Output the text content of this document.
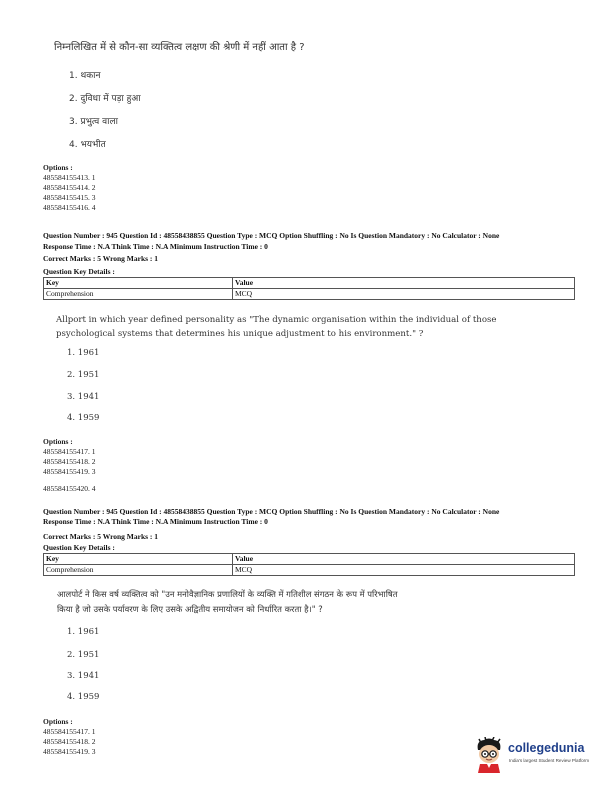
निम्नलिखित में से कौन-सा व्यक्तित्व लक्षण की श्रेणी में नहीं आता है ?
1. थकान
2. दुविधा में पड़ा हुआ
3. प्रभुत्व वाला
4. भयभीत
Options :
485584155413. 1
485584155414. 2
485584155415. 3
485584155416. 4
Question Number : 945 Question Id : 48558438855 Question Type : MCQ Option Shuffling : No Is Question Mandatory : No Calculator : None
Response Time : N.A Think Time : N.A Minimum Instruction Time : 0
Correct Marks : 5 Wrong Marks : 1
Question Key Details :
Key	Value
Comprehension	MCQ
Allport in which year defined personality as "The dynamic organisation within the individual of those
psychological systems that determines his unique adjustment to his environment." ?
1. 1961
2. 1951
3. 1941
4. 1959
Options :
485584155417. 1
485584155418. 2
485584155419. 3
485584155420. 4
Question Number : 945 Question Id : 48558438855 Question Type : MCQ Option Shuffling : No Is Question Mandatory : No Calculator : None
Response Time : N.A Think Time : N.A Minimum Instruction Time : 0
Correct Marks : 5 Wrong Marks : 1
Question Key Details :
Key	Value
Comprehension	MCQ
आलपोर्ट ने किस वर्ष व्यक्तित्व को "उन मनोवैज्ञानिक प्रणालियों के व्यक्ति में गतिशील संगठन के रूप में परिभाषित
किया है जो उसके पर्यावरण के लिए उसके अद्वितीय समायोजन को निर्धारित करता है।" ?
1. 1961
2. 1951
3. 1941
4. 1959
Options :
485584155417. 1
485584155418. 2
485584155419. 3	collegedunia
India's largest Student Review Platform
